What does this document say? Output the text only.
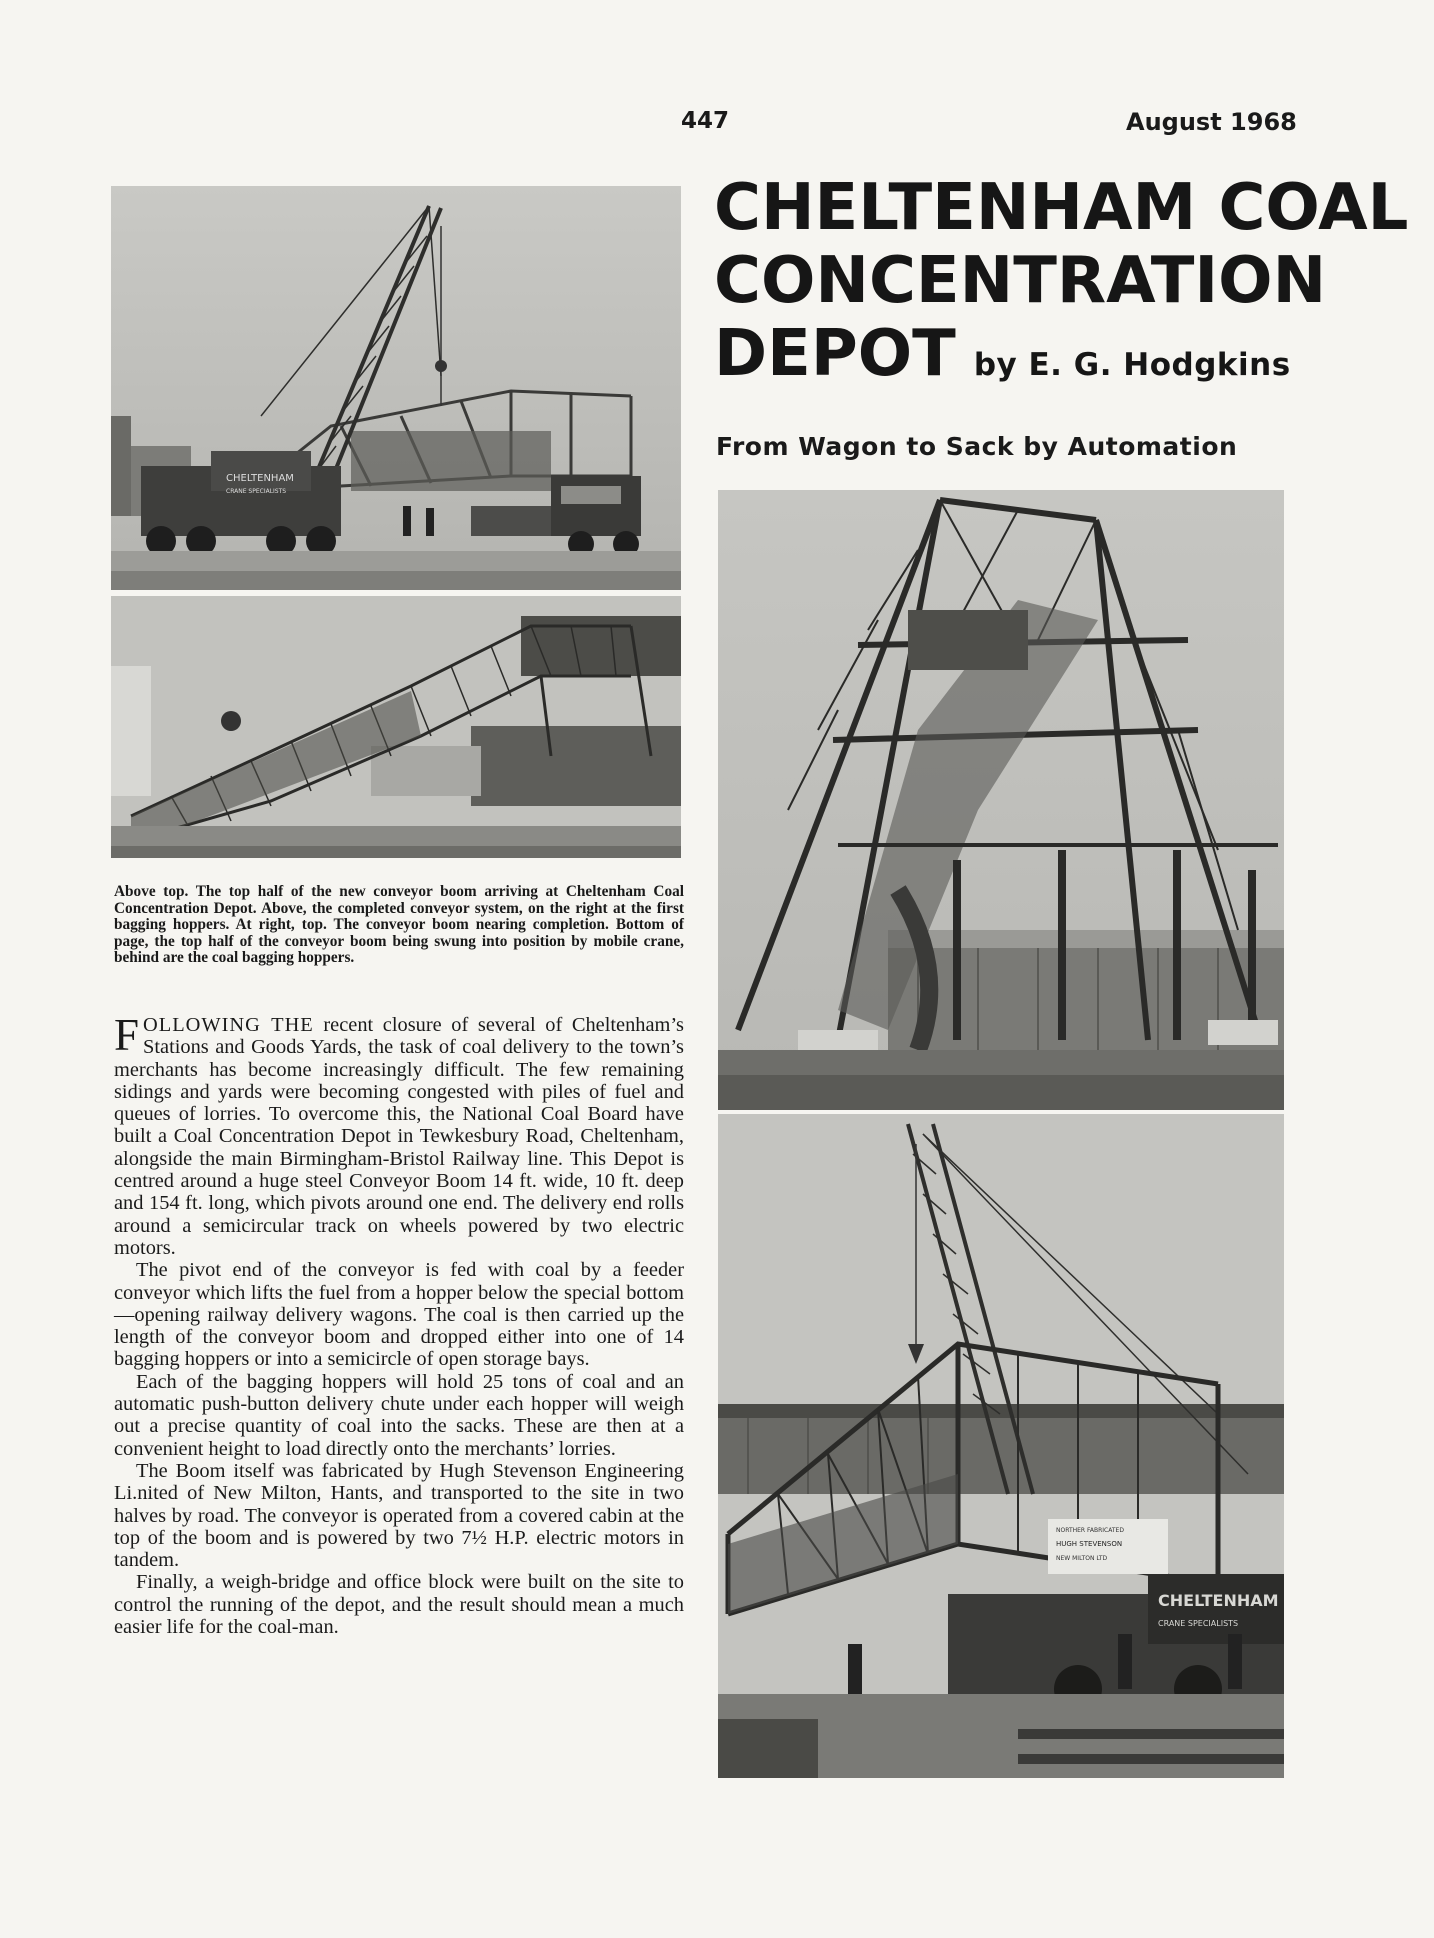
447	August 1968
CHELTENHAM COAL
CONCENTRATION
DEPOT by E. G. Hodgkins
From Wagon to Sack by Automation
CHELTENHAM
CRANE SPECIALISTS
NORTHER FABRICATED
HUGH STEVENSON
NEW MILTON LTD
CHELTENHAM
CRANE SPECIALISTS
Above top. The top half of the new conveyor boom arriving at Cheltenham Coal Concentration Depot. Above, the completed conveyor system, on the right at the first bagging hoppers. At right, top. The conveyor boom nearing completion. Bottom of page, the top half of the conveyor boom being swung into position by mobile crane, behind are the coal bagging hoppers.

FOLLOWING THE recent closure of several of Cheltenham’s Stations and Goods Yards, the task of coal delivery to the town’s merchants has become increasingly difficult. The few remaining sidings and yards were becoming congested with piles of fuel and queues of lorries. To overcome this, the National Coal Board have built a Coal Concentration Depot in Tewkesbury Road, Cheltenham, alongside the main Birmingham-Bristol Railway line. This Depot is centred around a huge steel Conveyor Boom 14 ft. wide, 10 ft. deep and 154 ft. long, which pivots around one end. The delivery end rolls around a semicircular track on wheels powered by two electric motors.

The pivot end of the conveyor is fed with coal by a feeder conveyor which lifts the fuel from a hopper below the special bottom—opening railway delivery wagons. The coal is then carried up the length of the conveyor boom and dropped either into one of 14 bagging hoppers or into a semicircle of open storage bays.

Each of the bagging hoppers will hold 25 tons of coal and an automatic push-button delivery chute under each hopper will weigh out a precise quantity of coal into the sacks. These are then at a convenient height to load directly onto the merchants’ lorries.

The Boom itself was fabricated by Hugh Stevenson Engineering Li.nited of New Milton, Hants, and transported to the site in two halves by road. The conveyor is operated from a covered cabin at the top of the boom and is powered by two 7½ H.P. electric motors in tandem.

Finally, a weigh-bridge and office block were built on the site to control the running of the depot, and the result should mean a much easier life for the coal-man.
